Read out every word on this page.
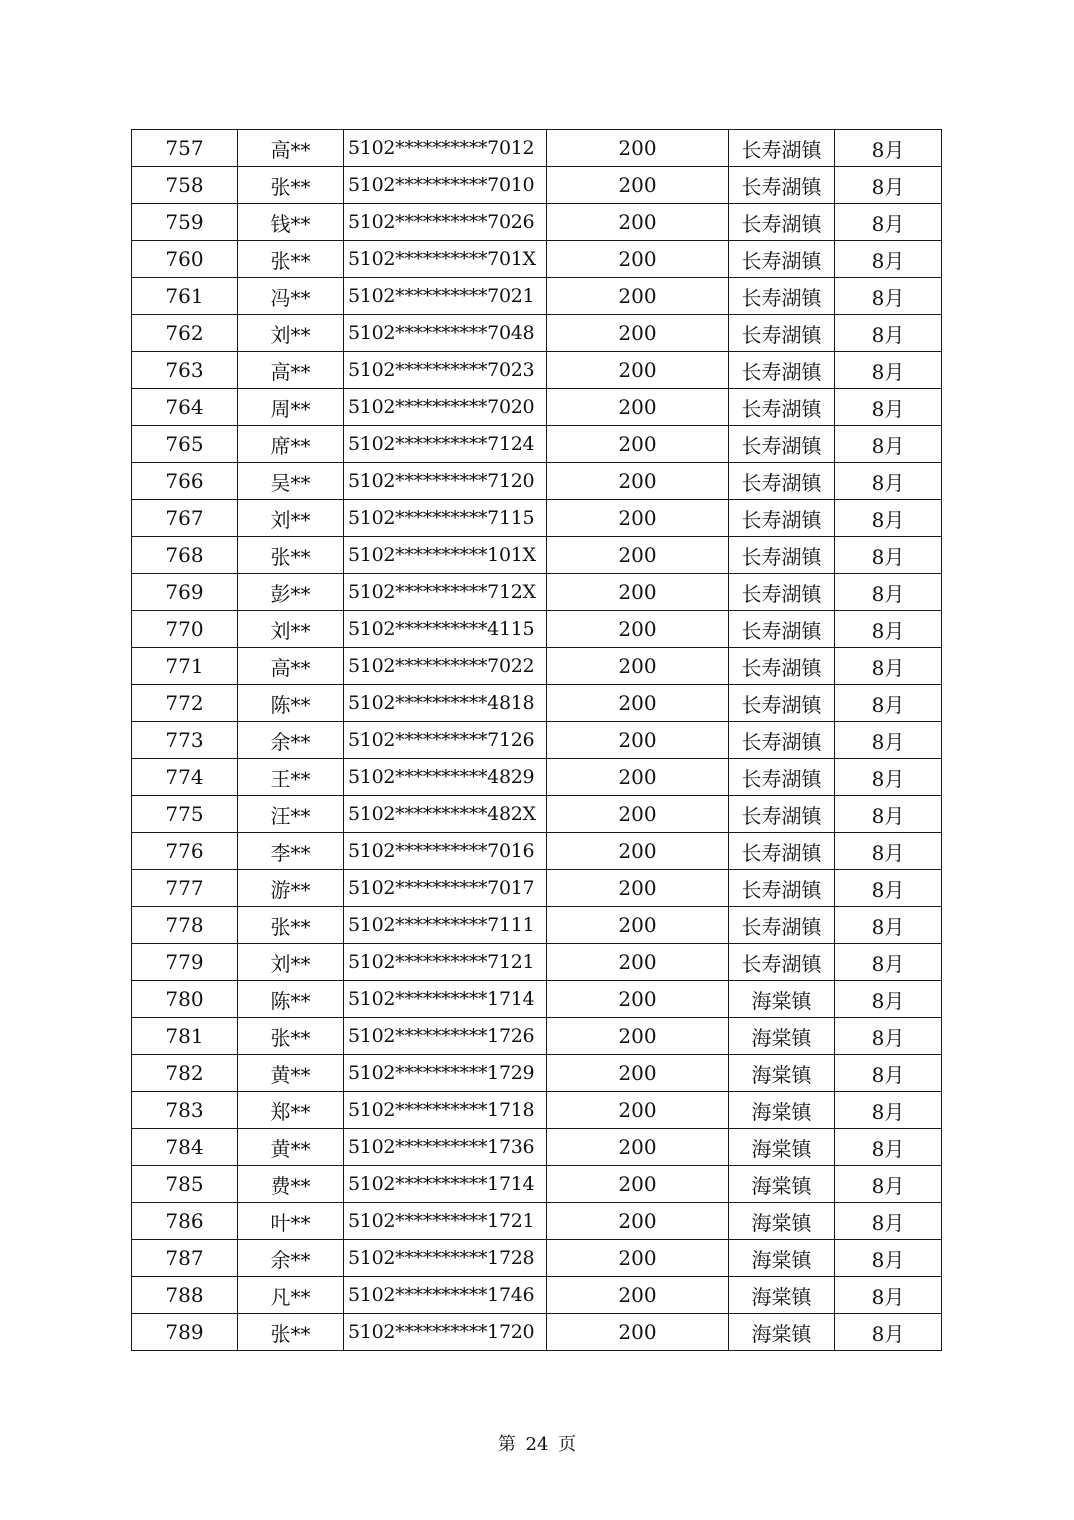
757	高**	5102**********7012	200	长寿湖镇	8月
758	张**	5102**********7010	200	长寿湖镇	8月
759	钱**	5102**********7026	200	长寿湖镇	8月
760	张**	5102**********701X	200	长寿湖镇	8月
761	冯**	5102**********7021	200	长寿湖镇	8月
762	刘**	5102**********7048	200	长寿湖镇	8月
763	高**	5102**********7023	200	长寿湖镇	8月
764	周**	5102**********7020	200	长寿湖镇	8月
765	席**	5102**********7124	200	长寿湖镇	8月
766	吴**	5102**********7120	200	长寿湖镇	8月
767	刘**	5102**********7115	200	长寿湖镇	8月
768	张**	5102**********101X	200	长寿湖镇	8月
769	彭**	5102**********712X	200	长寿湖镇	8月
770	刘**	5102**********4115	200	长寿湖镇	8月
771	高**	5102**********7022	200	长寿湖镇	8月
772	陈**	5102**********4818	200	长寿湖镇	8月
773	余**	5102**********7126	200	长寿湖镇	8月
774	王**	5102**********4829	200	长寿湖镇	8月
775	汪**	5102**********482X	200	长寿湖镇	8月
776	李**	5102**********7016	200	长寿湖镇	8月
777	游**	5102**********7017	200	长寿湖镇	8月
778	张**	5102**********7111	200	长寿湖镇	8月
779	刘**	5102**********7121	200	长寿湖镇	8月
780	陈**	5102**********1714	200	海棠镇	8月
781	张**	5102**********1726	200	海棠镇	8月
782	黄**	5102**********1729	200	海棠镇	8月
783	郑**	5102**********1718	200	海棠镇	8月
784	黄**	5102**********1736	200	海棠镇	8月
785	费**	5102**********1714	200	海棠镇	8月
786	叶**	5102**********1721	200	海棠镇	8月
787	余**	5102**********1728	200	海棠镇	8月
788	凡**	5102**********1746	200	海棠镇	8月
789	张**	5102**********1720	200	海棠镇	8月
第 24 页
